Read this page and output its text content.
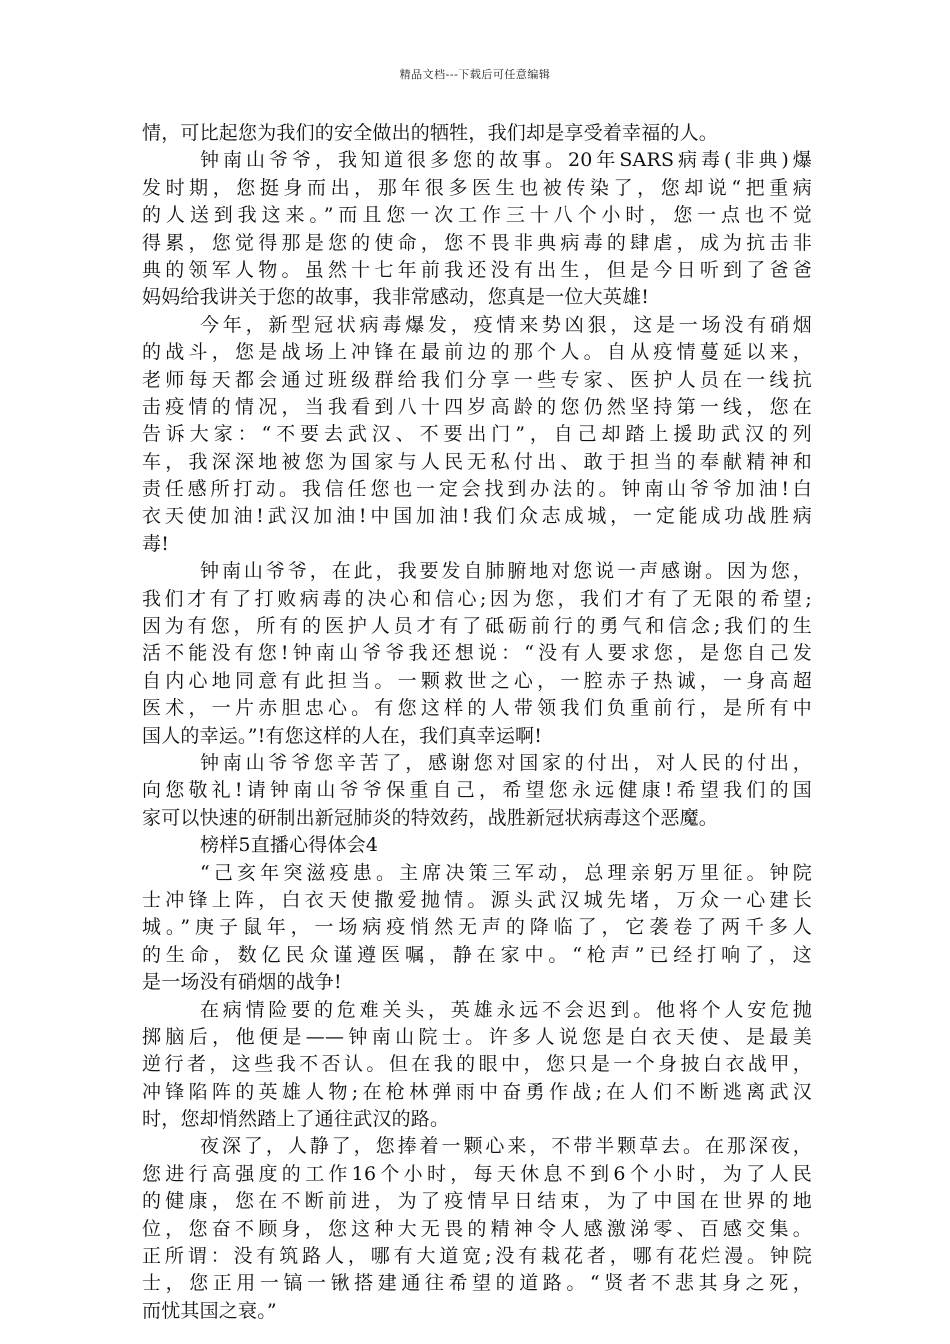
精品文档---下载后可任意编辑
情，可比起您为我们的安全做出的牺牲，我们却是享受着幸福的人。
钟南山爷爷，我知道很多您的故事。20年SARS病毒(非典)爆
发时期，您挺身而出，那年很多医生也被传染了，您却说“把重病
的人送到我这来。”而且您一次工作三十八个小时，您一点也不觉
得累，您觉得那是您的使命，您不畏非典病毒的肆虐，成为抗击非
典的领军人物。虽然十七年前我还没有出生，但是今日听到了爸爸
妈妈给我讲关于您的故事，我非常感动，您真是一位大英雄!
今年，新型冠状病毒爆发，疫情来势凶狠，这是一场没有硝烟
的战斗，您是战场上冲锋在最前边的那个人。自从疫情蔓延以来，
老师每天都会通过班级群给我们分享一些专家、医护人员在一线抗
击疫情的情况，当我看到八十四岁高龄的您仍然坚持第一线，您在
告诉大家：“不要去武汉、不要出门”，自己却踏上援助武汉的列
车，我深深地被您为国家与人民无私付出、敢于担当的奉献精神和
责任感所打动。我信任您也一定会找到办法的。钟南山爷爷加油!白
衣天使加油!武汉加油!中国加油!我们众志成城，一定能成功战胜病
毒!
钟南山爷爷，在此，我要发自肺腑地对您说一声感谢。因为您，
我们才有了打败病毒的决心和信心;因为您，我们才有了无限的希望;
因为有您，所有的医护人员才有了砥砺前行的勇气和信念;我们的生
活不能没有您!钟南山爷爷我还想说：“没有人要求您，是您自己发
自内心地同意有此担当。一颗救世之心，一腔赤子热诚，一身高超
医术，一片赤胆忠心。有您这样的人带领我们负重前行，是所有中
国人的幸运。”!有您这样的人在，我们真幸运啊!
钟南山爷爷您辛苦了，感谢您对国家的付出，对人民的付出，
向您敬礼!请钟南山爷爷保重自己，希望您永远健康!希望我们的国
家可以快速的研制出新冠肺炎的特效药，战胜新冠状病毒这个恶魔。
榜样5直播心得体会4
“己亥年突滋疫患。主席决策三军动，总理亲躬万里征。钟院
士冲锋上阵，白衣天使撒爱抛情。源头武汉城先堵，万众一心建长
城。”庚子鼠年，一场病疫悄然无声的降临了，它袭卷了两千多人
的生命，数亿民众谨遵医嘱，静在家中。“枪声”已经打响了，这
是一场没有硝烟的战争!
在病情险要的危难关头，英雄永远不会迟到。他将个人安危抛
掷脑后，他便是——钟南山院士。许多人说您是白衣天使、是最美
逆行者，这些我不否认。但在我的眼中，您只是一个身披白衣战甲，
冲锋陷阵的英雄人物;在枪林弹雨中奋勇作战;在人们不断逃离武汉
时，您却悄然踏上了通往武汉的路。
夜深了，人静了，您捧着一颗心来，不带半颗草去。在那深夜，
您进行高强度的工作16个小时，每天休息不到6个小时，为了人民
的健康，您在不断前进，为了疫情早日结束，为了中国在世界的地
位，您奋不顾身，您这种大无畏的精神令人感激涕零、百感交集。
正所谓：没有筑路人，哪有大道宽;没有栽花者，哪有花烂漫。钟院
士，您正用一镐一锹搭建通往希望的道路。“贤者不悲其身之死，
而忧其国之衰。”
